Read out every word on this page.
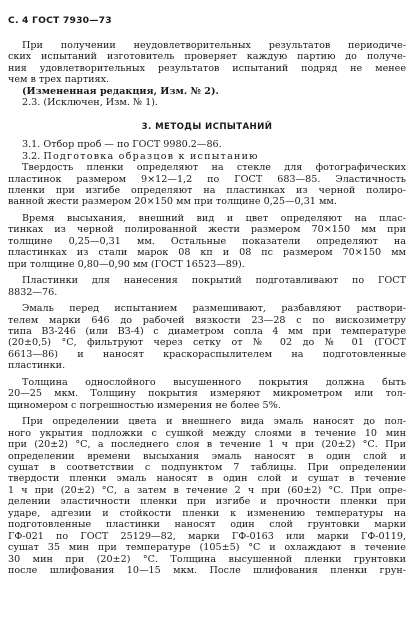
С. 4 ГОСТ 7930—73
При получении неудовлетворительных результатов периодиче-
ских испытаний изготовитель проверяет каждую партию до получе-
ния удовлетворительных результатов испытаний подряд не менее
чем в трех партиях.
(Измененная редакция, Изм. № 2).
2.3. (Исключен, Изм. № 1).
3. МЕТОДЫ ИСПЫТАНИЙ
3.1. Отбор проб — по ГОСТ 9980.2—86.
3.2. Подготовка образцов к испытанию
Твердость пленки определяют на стекле для фотографических
пластинок размером 9×12—1,2 по ГОСТ 683—85. Эластичность
пленки при изгибе определяют на пластинках из черной полиро-
ванной жести размером 20×150 мм при толщине 0,25—0,31 мм.
Время высыхания, внешний вид и цвет определяют на плас-
тинках из черной полированной жести размером 70×150 мм при
толщине 0,25—0,31 мм. Остальные показатели определяют на
пластинках из стали марок 08 кп и 08 пс размером 70×150 мм
при толщине 0,80—0,90 мм (ГОСТ 16523—89).
Пластинки для нанесения покрытий подготавливают по ГОСТ
8832—76.
Эмаль перед испытанием размешивают, разбавляют раствори-
телем марки 646 до рабочей вязкости 23—28 с по вискозиметру
типа ВЗ-246 (или ВЗ-4) с диаметром сопла 4 мм при температуре
(20±0,5) °С, фильтруют через сетку от № 02 до № 01 (ГОСТ
6613—86) и наносят краскораспылителем на подготовленные
пластинки.
Толщина однослойного высушенного покрытия должна быть
20—25 мкм. Толщину покрытия измеряют микрометром или тол-
щиномером с погрешностью измерения не более 5%.
При определении цвета и внешнего вида эмаль наносят до пол-
ного укрытия подложки с сушкой между слоями в течение 10 мин
при (20±2) °С, а последнего слоя в течение 1 ч при (20±2) °С. При
определении времени высыхания эмаль наносят в один слой и
сушат в соответствии с подпунктом 7 таблицы. При определении
твердости пленки эмаль наносят в один слой и сушат в течение
1 ч при (20±2) °С, а затем в течение 2 ч при (60±2) °С. При опре-
делении эластичности пленки при изгибе и прочности пленки при
ударе, адгезии и стойкости пленки к изменению температуры на
подготовленные пластинки наносят один слой грунтовки марки
ГФ-021 по ГОСТ 25129—82, марки ГФ-0163 или марки ГФ-0119,
сушат 35 мин при температуре (105±5) °С и охлаждают в течение
30 мин при (20±2) °С. Толщина высушенной пленки грунтовки
после шлифования 10—15 мкм. После шлифования пленки грун-
